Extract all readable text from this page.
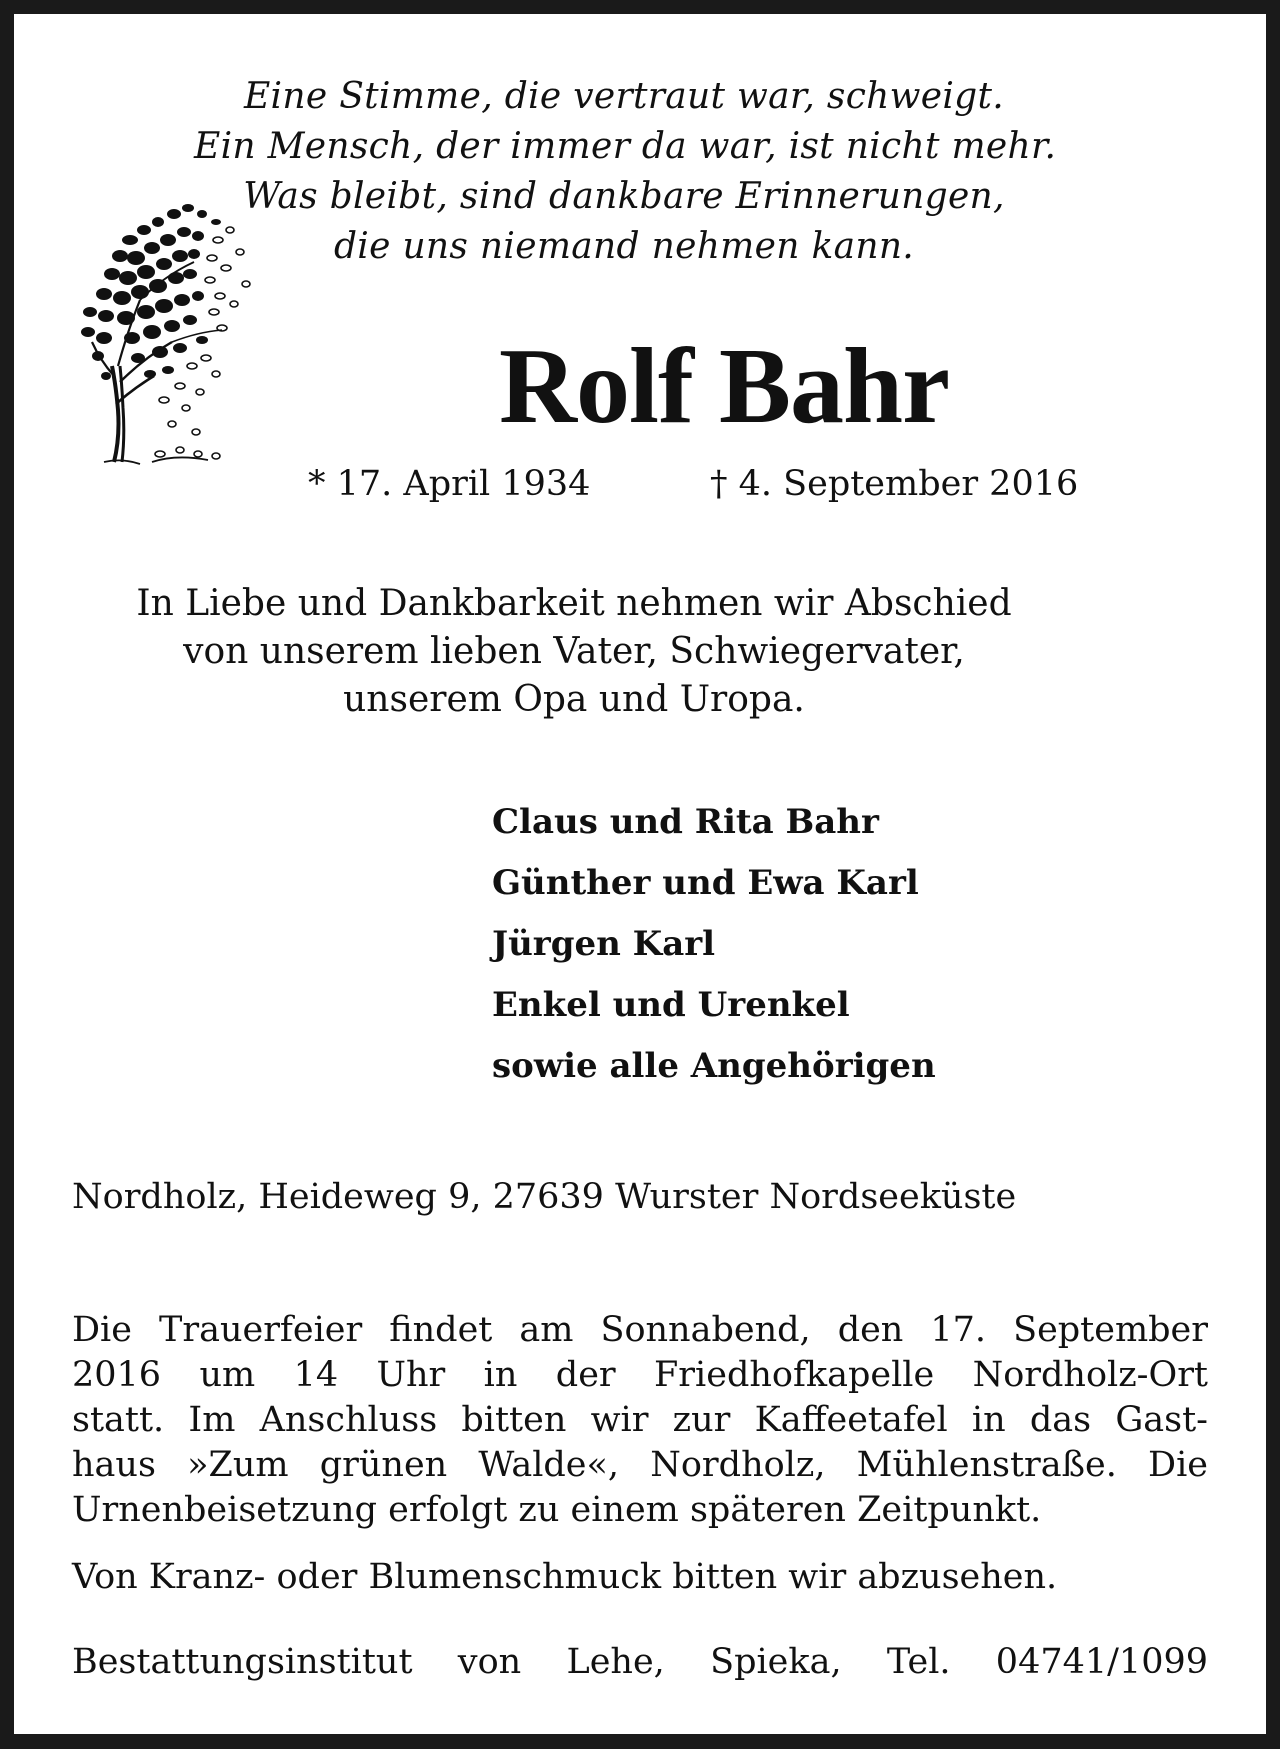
Eine Stimme, die vertraut war, schweigt.
Ein Mensch, der immer da war, ist nicht mehr.
Was bleibt, sind dankbare Erinnerungen,
die uns niemand nehmen kann.
Rolf Bahr
* 17. April 1934	† 4. September 2016
In Liebe und Dankbarkeit nehmen wir Abschied
von unserem lieben Vater, Schwiegervater,
unserem Opa und Uropa.
Claus und Rita Bahr
Günther und Ewa Karl
Jürgen Karl
Enkel und Urenkel
sowie alle Angehörigen
Nordholz, Heideweg 9, 27639 Wurster Nordseeküste
Die Trauerfeier findet am Sonnabend, den 17. September
2016 um 14 Uhr in der Friedhofkapelle Nordholz-Ort
statt. Im Anschluss bitten wir zur Kaffeetafel in das Gast-
haus »Zum grünen Walde«, Nordholz, Mühlenstraße. Die
Urnenbeisetzung erfolgt zu einem späteren Zeitpunkt.
Von Kranz- oder Blumenschmuck bitten wir abzusehen.
Bestattungsinstitut von Lehe, Spieka, Tel. 04741/1099
